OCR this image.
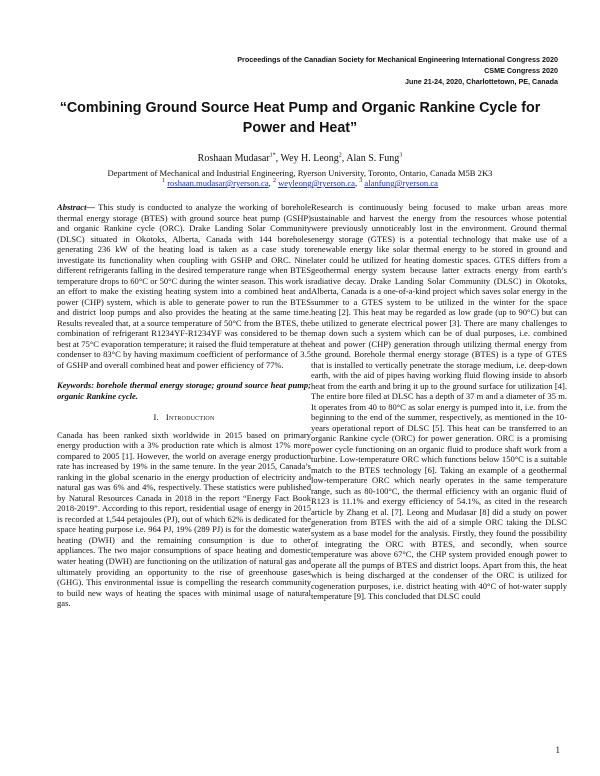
Proceedings of the Canadian Society for Mechanical Engineering International Congress 2020
CSME Congress 2020
June 21-24, 2020, Charlottetown, PE, Canada
“Combining Ground Source Heat Pump and Organic Rankine Cycle for Power and Heat”
Roshaan Mudasar$^{1*}$, Wey H. Leong$^2$, Alan S. Fung$^3$
Department of Mechanical and Industrial Engineering, Ryerson University, Toronto, Ontario, Canada M5B 2K3
$^1$ roshaan.mudasar@ryerson.ca, $^2$ weyleong@ryerson.ca, $^3$ alanfung@ryerson.ca

Abstract— This study is conducted to analyze the working of borehole thermal energy storage (BTES) with ground source heat pump (GSHP) and organic Rankine cycle (ORC). Drake Landing Solar Community (DLSC) situated in Okotoks, Alberta, Canada with 144 boreholes generating 236 kW of the heating load is taken as a case study to investigate its functionality when coupling with GSHP and ORC. Nine different refrigerants falling in the desired temperature range when BTES temperature drops to 60°C or 50°C during the winter season. This work is an effort to make the existing heating system into a combined heat and power (CHP) system, which is able to generate power to run the BTES and district loop pumps and also provides the heating at the same time. Results revealed that, at a source temperature of 50°C from the BTES, the combination of refrigerant R1234YF-R1234YF was considered to be the best at 75°C evaporation temperature; it raised the fluid temperature at the condenser to 83°C by having maximum coefficient of performance of 3.5 of GSHP and overall combined heat and power efficiency of 77%.

Keywords: borehole thermal energy storage; ground source heat pump; organic Rankine cycle.

I. Introduction

Canada has been ranked sixth worldwide in 2015 based on primary energy production with a 3% production rate which is almost 17% more compared to 2005 [1]. However, the world on average energy production rate has increased by 19% in the same tenure. In the year 2015, Canada’s ranking in the global scenario in the energy production of electricity and natural gas was 6% and 4%, respectively. These statistics were published by Natural Resources Canada in 2018 in the report “Energy Fact Book 2018-2019”. According to this report, residential usage of energy in 2015 is recorded at 1,544 petajoules (PJ), out of which 62% is dedicated for the space heating purpose i.e. 964 PJ, 19% (289 PJ) is for the domestic water heating (DWH) and the remaining consumption is due to other appliances. The two major consumptions of space heating and domestic water heating (DWH) are functioning on the utilization of natural gas and ultimately providing an opportunity to the rise of greenhouse gases (GHG). This environmental issue is compelling the research community to build new ways of heating the spaces with minimal usage of natural gas.

Research is continuously being focused to make urban areas more sustainable and harvest the energy from the resources whose potential were previously unnoticeably lost in the environment. Ground thermal energy storage (GTES) is a potential technology that make use of a renewable energy like solar thermal energy to be stored in ground and later could be utilized for heating domestic spaces. GTES differs from a geothermal energy system because latter extracts energy from earth’s radiative decay. Drake Landing Solar Community (DLSC) in Okotoks, Alberta, Canada is a one-of-a-kind project which saves solar energy in the summer to a GTES system to be utilized in the winter for the space heating [2]. This heat may be regarded as low grade (up to 90°C) but can be utilized to generate electrical power [3]. There are many challenges to map down such a system which can be of dual purposes, i.e. combined heat and power (CHP) generation through utilizing thermal energy from the ground. Borehole thermal energy storage (BTES) is a type of GTES that is installed to vertically penetrate the storage medium, i.e. deep-down earth, with the aid of pipes having working fluid flowing inside to absorb heat from the earth and bring it up to the ground surface for utilization [4]. The entire bore filed at DLSC has a depth of 37 m and a diameter of 35 m. It operates from 40 to 80°C as solar energy is pumped into it, i.e. from the beginning to the end of the summer, respectively, as mentioned in the 10-years operational report of DLSC [5]. This heat can be transferred to an organic Rankine cycle (ORC) for power generation. ORC is a promising power cycle functioning on an organic fluid to produce shaft work from a turbine. Low-temperature ORC which functions below 150°C is a suitable match to the BTES technology [6]. Taking an example of a geothermal low-temperature ORC which nearly operates in the same temperature range, such as 80-100°C, the thermal efficiency with an organic fluid of R123 is 11.1% and exergy efficiency of 54.1%, as cited in the research article by Zhang et al. [7]. Leong and Mudasar [8] did a study on power generation from BTES with the aid of a simple ORC taking the DLSC system as a base model for the analysis. Firstly, they found the possibility of integrating the ORC with BTES, and secondly, when source temperature was above 67°C, the CHP system provided enough power to operate all the pumps of BTES and district loops. Apart from this, the heat which is being discharged at the condenser of the ORC is utilized for cogeneration purposes, i.e. district heating with 40°C of hot-water supply temperature [9]. This concluded that DLSC could

1
